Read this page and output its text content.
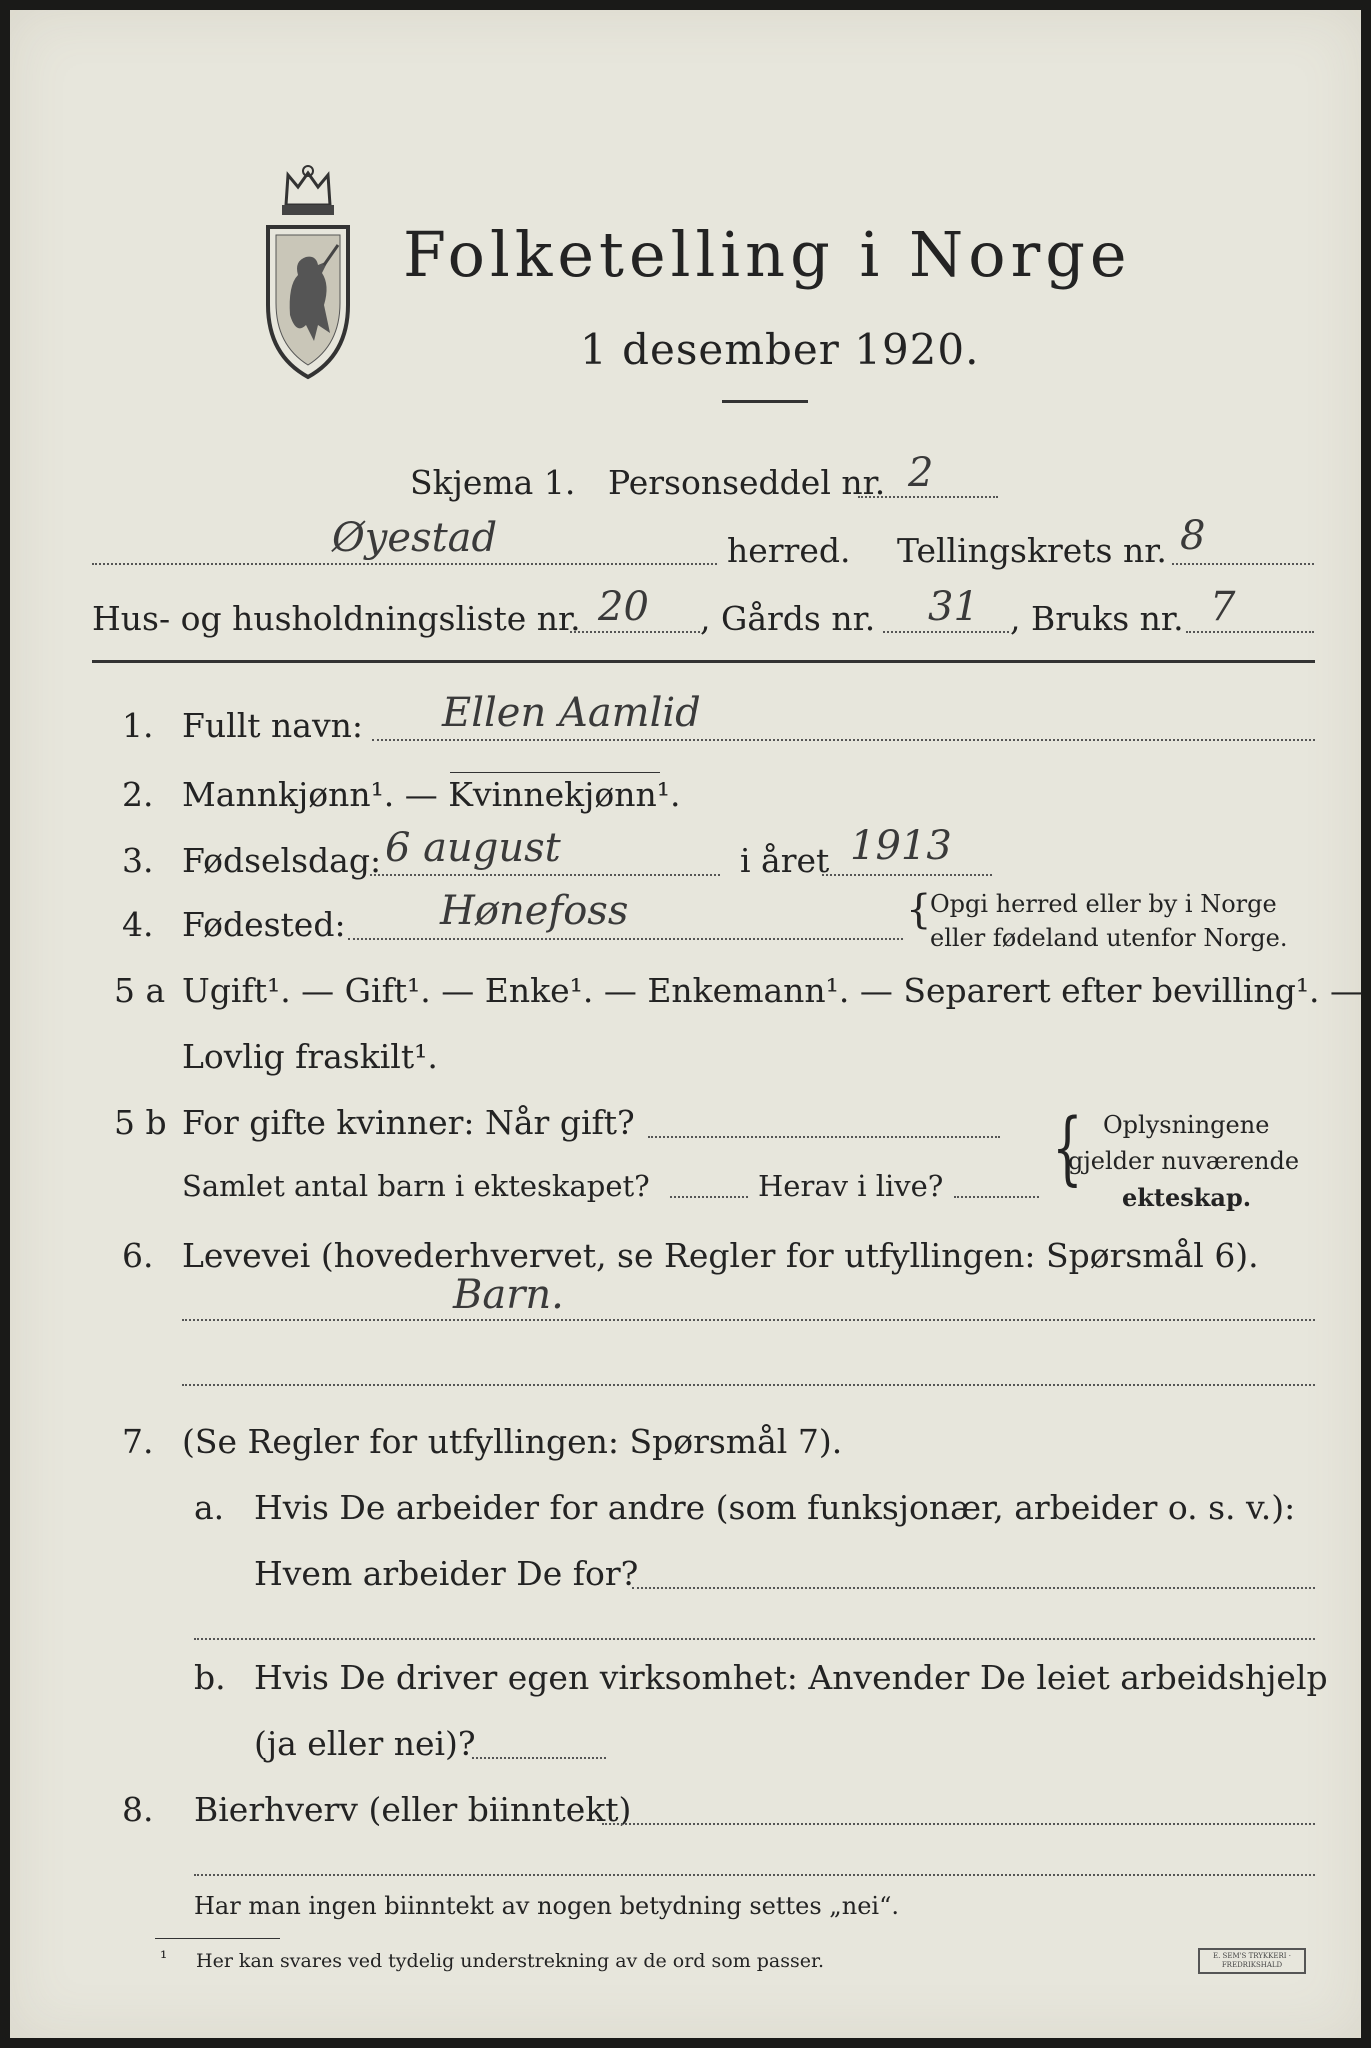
Folketelling i Norge
1 desember 1920.
Skjema 1. Personseddel nr. 2
Øyestad	herred. Tellingskrets nr. 8
Hus- og husholdningsliste nr. 20 , Gårds nr. 31 , Bruks nr. 7
1. Fullt navn: Ellen Aamlid
2. Mannkjønn¹. — Kvinnekjønn¹.
3. Fødselsdag: 6 august	i året 1913
4. Fødested: Hønefoss	{
Opgi herred eller by i Norge
eller fødeland utenfor Norge.
5 a Ugift¹. — Gift¹. — Enke¹. — Enkemann¹. — Separert efter bevilling¹. —
Lovlig fraskilt¹.
5 b For gifte kvinner: Når gift?
Samlet antal barn i ekteskapet?	Herav i live? { Oplysningene
gjelder nuværende
ekteskap.
6. Levevei (hovederhvervet, se Regler for utfyllingen: Spørsmål 6).
Barn.
7. (Se Regler for utfyllingen: Spørsmål 7).
a. Hvis De arbeider for andre (som funksjonær, arbeider o. s. v.):
Hvem arbeider De for?
b. Hvis De driver egen virksomhet: Anvender De leiet arbeidshjelp
(ja eller nei)?
8. Bierhverv (eller biinntekt)
Har man ingen biinntekt av nogen betydning settes „nei“.
¹ Her kan svares ved tydelig understrekning av de ord som passer.	E. SEM'S TRYKKERI · FREDRIKSHALD
